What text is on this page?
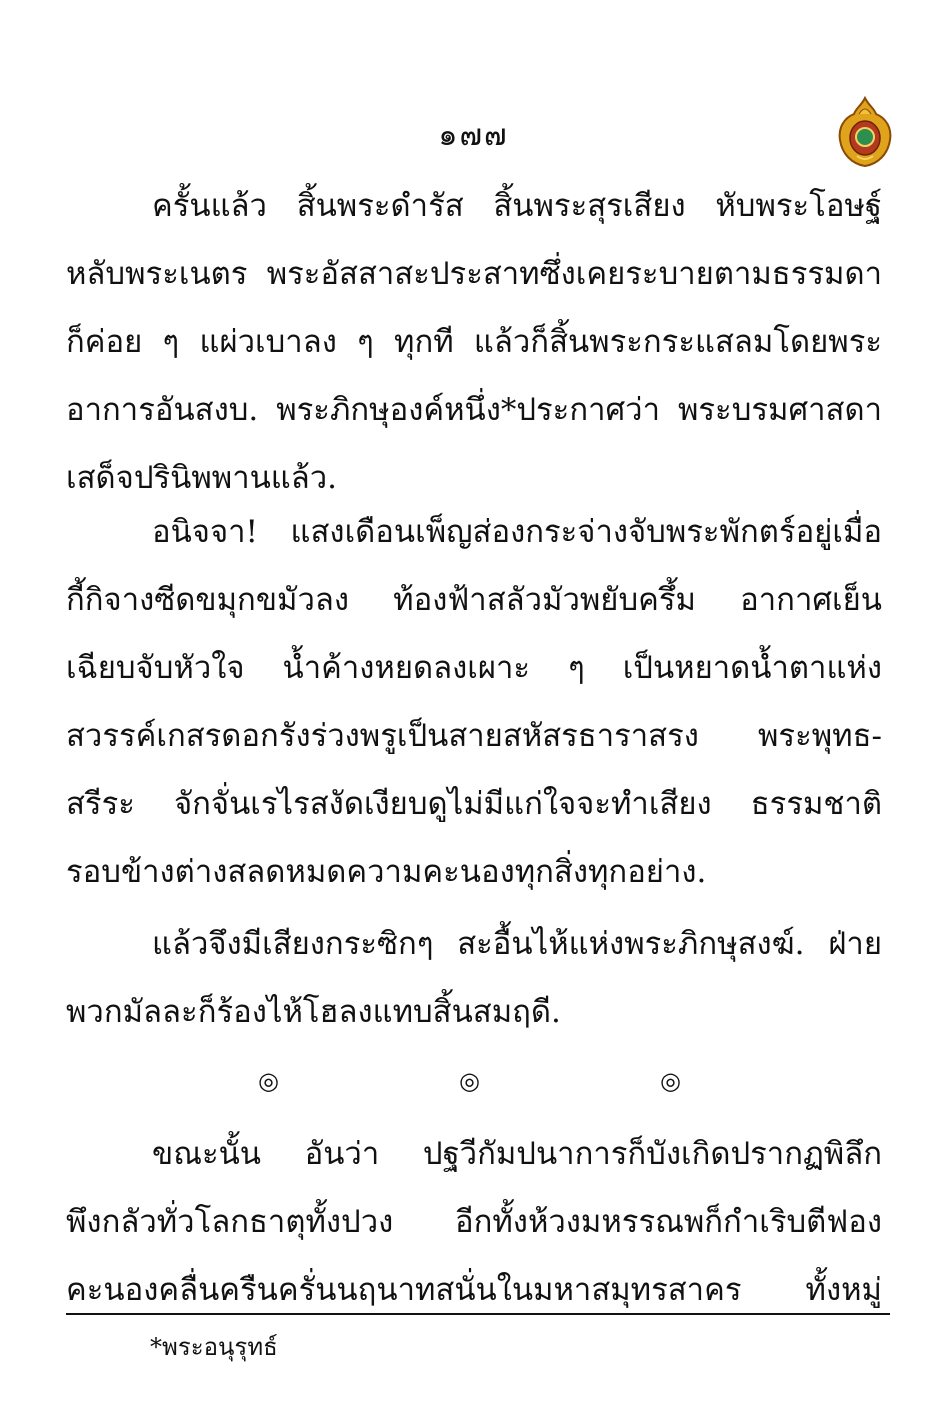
๑๗๗
ครั้นแล้ว สิ้นพระดำรัส สิ้นพระสุรเสียง หับพระโอษฐ์
หลับพระเนตร พระอัสสาสะประสาทซึ่งเคยระบายตามธรรมดา
ก็ค่อย ๆ แผ่วเบาลง ๆ ทุกที แล้วก็สิ้นพระกระแสลมโดยพระ
อาการอันสงบ. พระภิกษุองค์หนึ่ง*ประกาศว่า พระบรมศาสดา
เสด็จปรินิพพานแล้ว.
อนิจจา! แสงเดือนเพ็ญส่องกระจ่างจับพระพักตร์อยู่เมื่อ
กี้กิจางซีดขมุกขมัวลง ท้องฟ้าสลัวมัวพยับครึ้ม อากาศเย็น
เฉียบจับหัวใจ น้ำค้างหยดลงเผาะ ๆ เป็นหยาดน้ำตาแห่ง
สวรรค์เกสรดอกรังร่วงพรูเป็นสายสหัสรธาราสรง พระพุทธ-
สรีระ จักจั่นเรไรสงัดเงียบดูไม่มีแก่ใจจะทำเสียง ธรรมชาติ
รอบข้างต่างสลดหมดความคะนองทุกสิ่งทุกอย่าง.
แล้วจึงมีเสียงกระซิกๆ สะอื้นไห้แห่งพระภิกษุสงฆ์. ฝ่าย
พวกมัลละก็ร้องไห้โฮลงแทบสิ้นสมฤดี.
◎	◎	◎
ขณะนั้น อันว่า ปฐวีกัมปนาการก็บังเกิดปรากฏพิลึก
พึงกลัวทั่วโลกธาตุทั้งปวง อีกทั้งห้วงมหรรณพก็กำเริบตีฟอง
คะนองคลื่นครืนครั่นนฤนาทสนั่นในมหาสมุทรสาคร ทั้งหมู่
*พระอนุรุทธ์
